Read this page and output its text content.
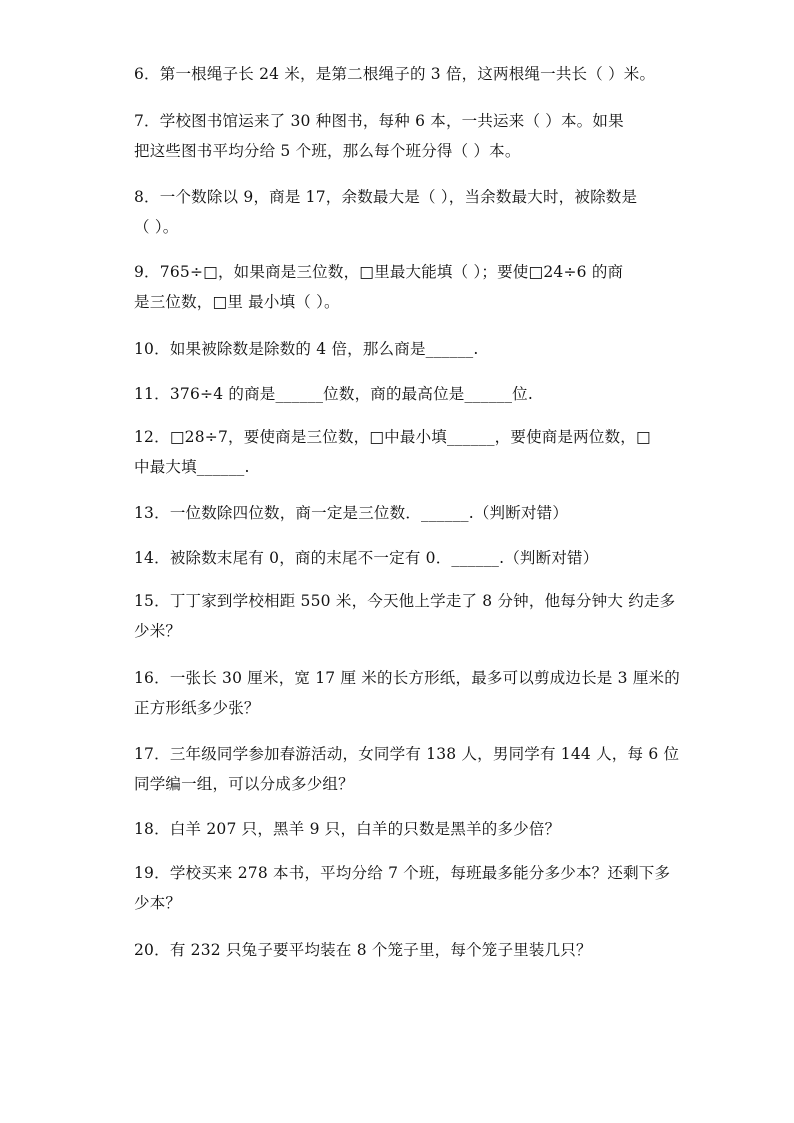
6．第一根绳子长 24 米，是第二根绳子的 3 倍，这两根绳一共长（ ）米。
7．学校图书馆运来了 30 种图书，每种 6 本，一共运来（ ）本。如果
把这些图书平均分给 5 个班，那么每个班分得（ ）本。
8．一个数除以 9，商是 17，余数最大是（ ），当余数最大时，被除数是
（ ）。
9．765÷□，如果商是三位数，□里最大能填（ ）；要使□24÷6 的商
是三位数，□里 最小填（ ）。
10．如果被除数是除数的 4 倍，那么商是______.
11．376÷4 的商是______位数，商的最高位是______位.
12．□28÷7，要使商是三位数，□中最小填______，要使商是两位数，□
中最大填______.
13．一位数除四位数，商一定是三位数．______.（判断对错）
14．被除数末尾有 0，商的末尾不一定有 0．______.（判断对错）
15．丁丁家到学校相距 550 米，今天他上学走了 8 分钟，他每分钟大 约走多
少米？
16．一张长 30 厘米，宽 17 厘 米的长方形纸，最多可以剪成边长是 3 厘米的
正方形纸多少张？
17．三年级同学参加春游活动，女同学有 138 人，男同学有 144 人，每 6 位
同学编一组，可以分成多少组？
18．白羊 207 只，黑羊 9 只，白羊的只数是黑羊的多少倍？
19．学校买来 278 本书，平均分给 7 个班，每班最多能分多少本？还剩下多
少本？
20．有 232 只兔子要平均装在 8 个笼子里，每个笼子里装几只？
